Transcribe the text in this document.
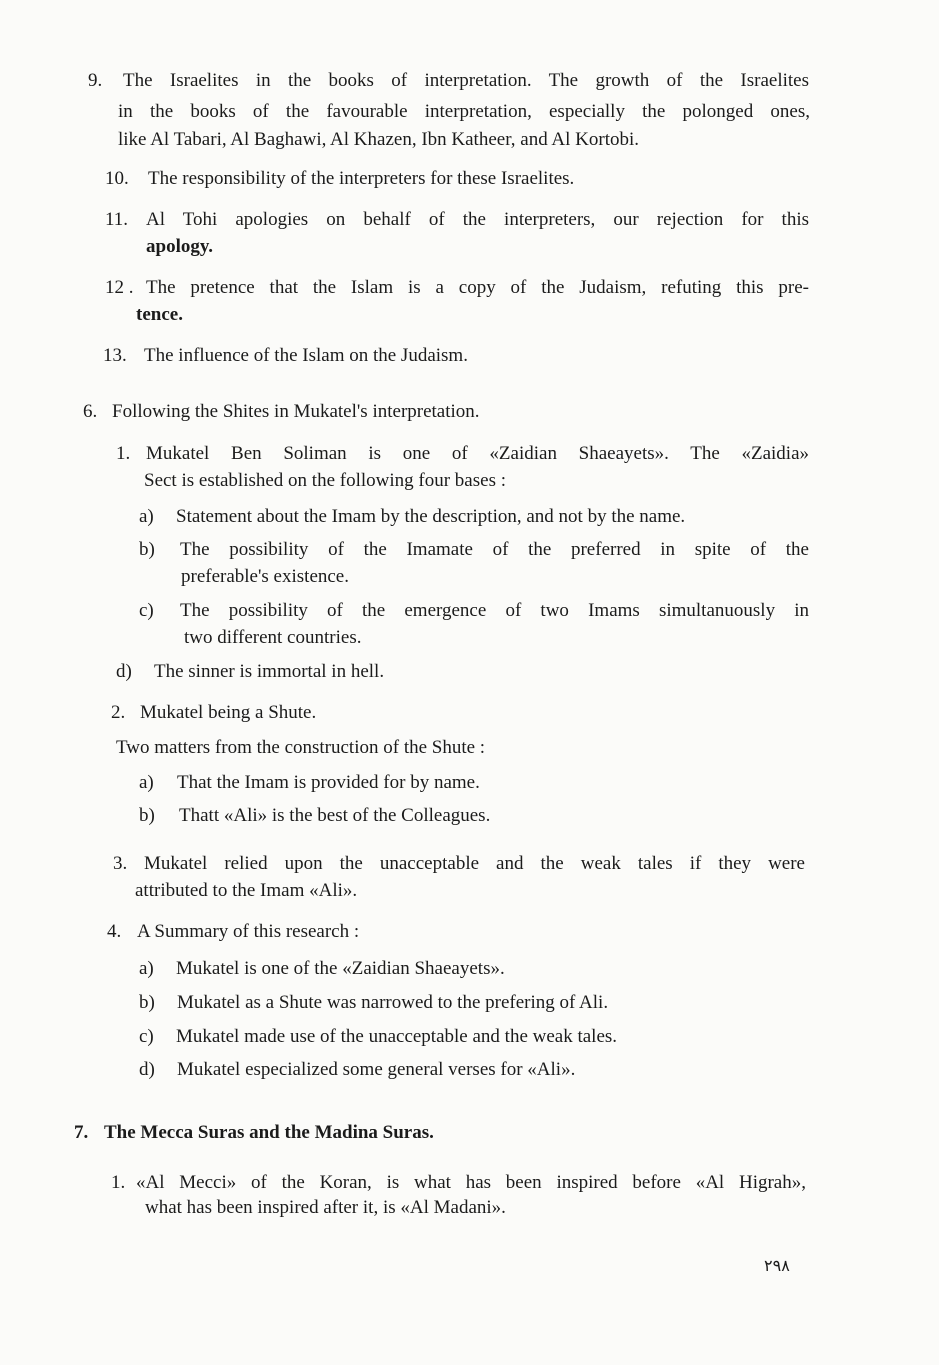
9. The Israelites in the books of interpretation. The growth of the Israelites
in the books of the favourable interpretation, especially the polonged ones,
like Al Tabari, Al Baghawi, Al Khazen, Ibn Katheer, and Al Kortobi.
10. The responsibility of the interpreters for these Israelites.
11. Al Tohi apologies on behalf of the interpreters, our rejection for this
apology.
12 . The pretence that the Islam is a copy of the Judaism, refuting this pre-
tence.
13. The influence of the Islam on the Judaism.
6. Following the Shites in Mukatel's interpretation.
1. Mukatel Ben Soliman is one of «Zaidian Shaeayets». The «Zaidia»
Sect is established on the following four bases :
a) Statement about the Imam by the description, and not by the name.
b) The possibility of the Imamate of the preferred in spite of the
preferable's existence.
c) The possibility of the emergence of two Imams simultanuously in
two different countries.
d) The sinner is immortal in hell.
2. Mukatel being a Shute.
Two matters from the construction of the Shute :
a) That the Imam is provided for by name.
b) Thatt «Ali» is the best of the Colleagues.
3. Mukatel relied upon the unacceptable and the weak tales if they were
attributed to the Imam «Ali».
4. A Summary of this research :
a) Mukatel is one of the «Zaidian Shaeayets».
b) Mukatel as a Shute was narrowed to the prefering of Ali.
c) Mukatel made use of the unacceptable and the weak tales.
d) Mukatel especialized some general verses for «Ali».
7. The Mecca Suras and the Madina Suras.
1. «Al Mecci» of the Koran, is what has been inspired before «Al Higrah»,
what has been inspired after it, is «Al Madani».
٢٩٨
